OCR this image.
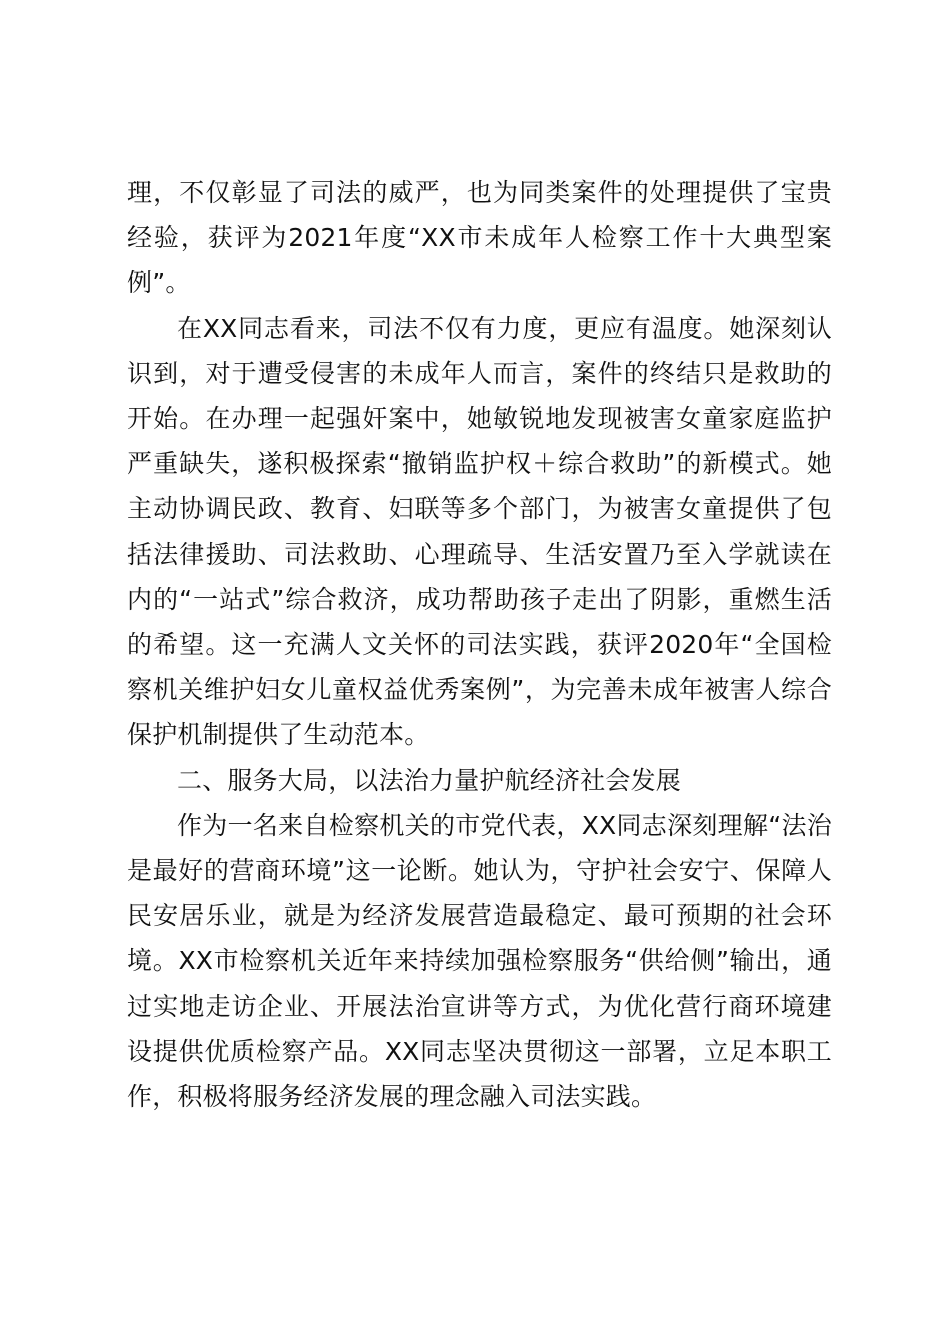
理，不仅彰显了司法的威严，也为同类案件的处理提供了宝贵经验，获评为2021年度“XX市未成年人检察工作十大典型案例”。

在XX同志看来，司法不仅有力度，更应有温度。她深刻认识到，对于遭受侵害的未成年人而言，案件的终结只是救助的开始。在办理一起强奸案中，她敏锐地发现被害女童家庭监护严重缺失，遂积极探索“撤销监护权＋综合救助”的新模式。她主动协调民政、教育、妇联等多个部门，为被害女童提供了包括法律援助、司法救助、心理疏导、生活安置乃至入学就读在内的“一站式”综合救济，成功帮助孩子走出了阴影，重燃生活的希望。这一充满人文关怀的司法实践，获评2020年“全国检察机关维护妇女儿童权益优秀案例”，为完善未成年被害人综合保护机制提供了生动范本。

二、服务大局，以法治力量护航经济社会发展

作为一名来自检察机关的市党代表，XX同志深刻理解“法治是最好的营商环境”这一论断。她认为，守护社会安宁、保障人民安居乐业，就是为经济发展营造最稳定、最可预期的社会环境。XX市检察机关近年来持续加强检察服务“供给侧”输出，通过实地走访企业、开展法治宣讲等方式，为优化营行商环境建设提供优质检察产品。XX同志坚决贯彻这一部署，立足本职工作，积极将服务经济发展的理念融入司法实践。
